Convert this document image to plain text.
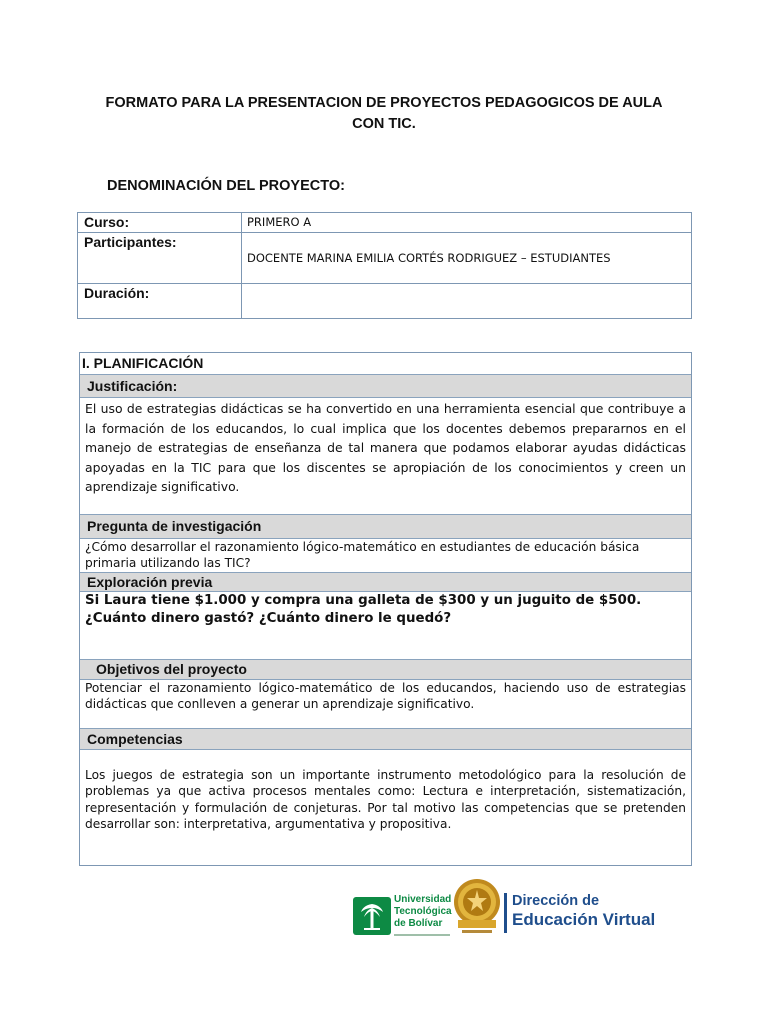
FORMATO PARA LA PRESENTACION DE PROYECTOS PEDAGOGICOS DE AULA CON TIC.
DENOMINACIÓN DEL PROYECTO:
Curso:	PRIMERO A
Participantes:	DOCENTE MARINA EMILIA CORTÉS RODRIGUEZ – ESTUDIANTES
Duración:	
I. PLANIFICACIÓN
Justificación:
El uso de estrategias didácticas se ha convertido en una herramienta esencial que contribuye a la formación de los educandos, lo cual implica que los docentes debemos prepararnos en el manejo de estrategias de enseñanza de tal manera que podamos elaborar ayudas didácticas apoyadas en la TIC para que los discentes se apropiación de los conocimientos y creen un aprendizaje significativo.
Pregunta de investigación
¿Cómo desarrollar el razonamiento lógico-matemático en estudiantes de educación básica primaria utilizando las TIC?
Exploración previa
Si Laura tiene $1.000 y compra una galleta de $300 y un juguito de $500. ¿Cuánto dinero gastó? ¿Cuánto dinero le quedó?
Objetivos del proyecto
Potenciar el razonamiento lógico-matemático de los educandos, haciendo uso de estrategias didácticas que conlleven a generar un aprendizaje significativo.
Competencias
Los juegos de estrategia son un importante instrumento metodológico para la resolución de problemas ya que activa procesos mentales como: Lectura e interpretación, sistematización, representación y formulación de conjeturas. Por tal motivo las competencias que se pretenden desarrollar son: interpretativa, argumentativa y propositiva.
Universidad
Tecnológica
de Bolívar
Dirección de
Educación Virtual
